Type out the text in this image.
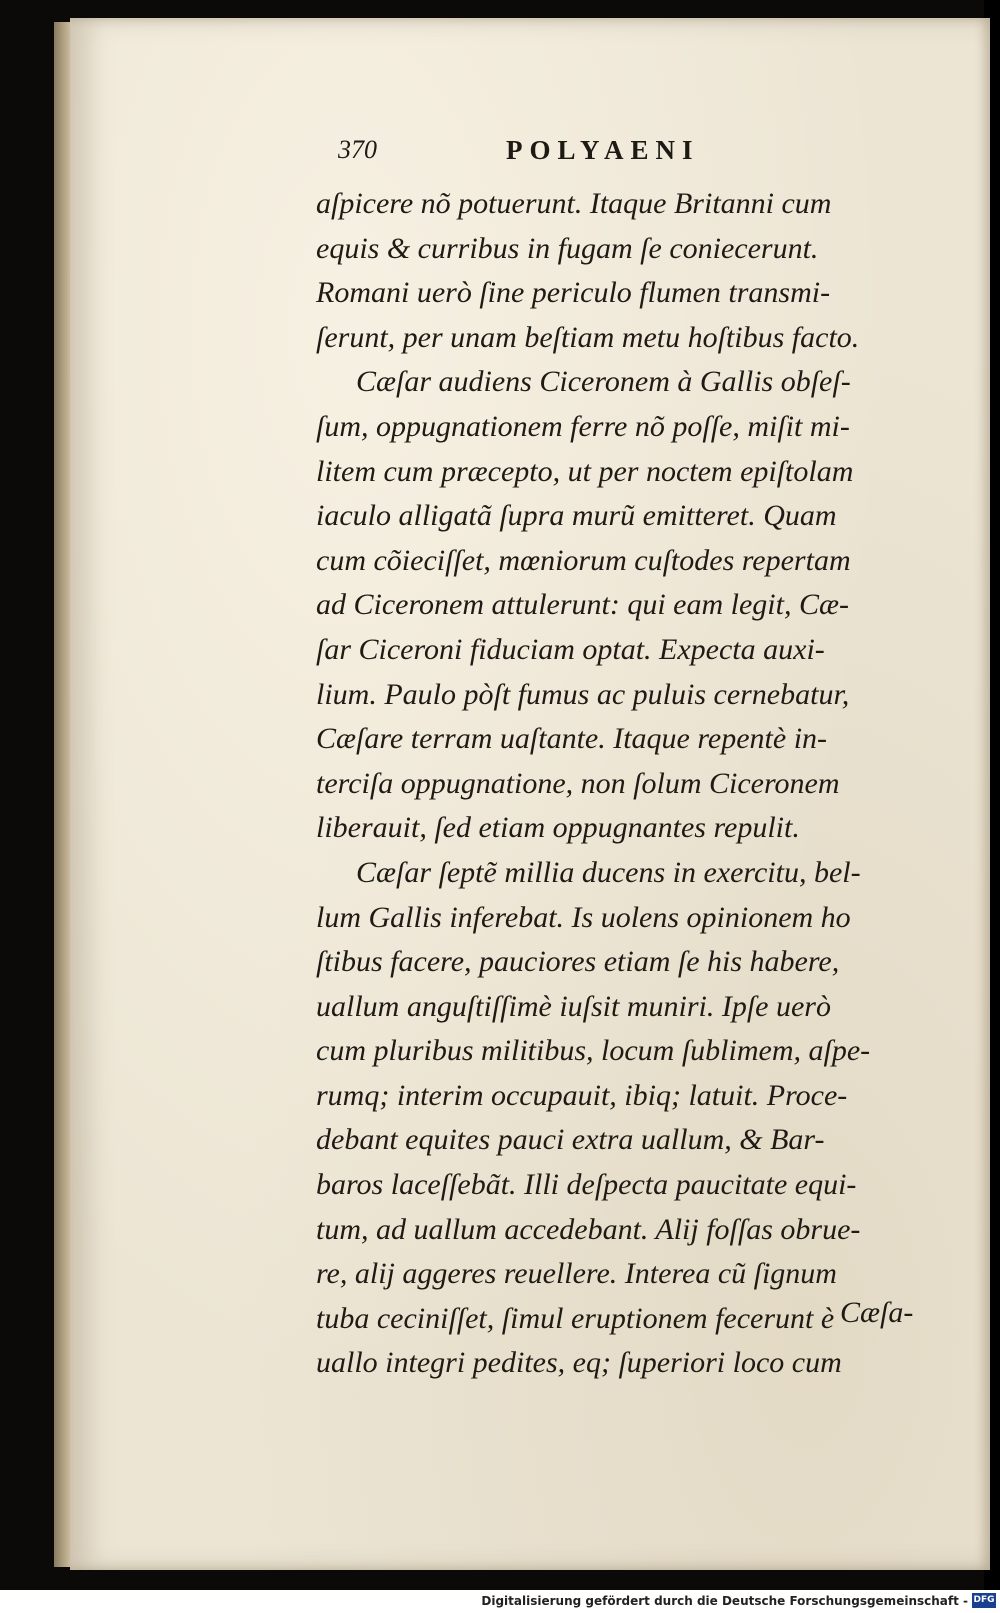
370	POLYAENI
aſpicere nõ potuerunt. Itaque Britanni cum
equis & curribus in fugam ſe coniecerunt.
Romani uerò ſine periculo flumen transmi-
ſerunt, per unam beſtiam metu hoſtibus facto.
Cæſar audiens Ciceronem à Gallis obſeſ-
ſum, oppugnationem ferre nõ poſſe, miſit mi-
litem cum præcepto, ut per noctem epiſtolam
iaculo alligatã ſupra murũ emitteret. Quam
cum cõieciſſet, mœniorum cuſtodes repertam
ad Ciceronem attulerunt: qui eam legit, Cæ-
ſar Ciceroni fiduciam optat. Expecta auxi-
lium. Paulo pòſt fumus ac puluis cernebatur,
Cæſare terram uaſtante. Itaque repentè in-
terciſa oppugnatione, non ſolum Ciceronem
liberauit, ſed etiam oppugnantes repulit.
Cæſar ſeptẽ millia ducens in exercitu, bel-
lum Gallis inferebat. Is uolens opinionem ho
ſtibus facere, pauciores etiam ſe his habere,
uallum anguſtiſſimè iuſsit muniri. Ipſe uerò
cum pluribus militibus, locum ſublimem, aſpe-
rumq; interim occupauit, ibiq; latuit. Proce-
debant equites pauci extra uallum, & Bar-
baros laceſſebãt. Illi deſpecta paucitate equi-
tum, ad uallum accedebant. Alij foſſas obrue-
re, alij aggeres reuellere. Interea cũ ſignum
tuba ceciniſſet, ſimul eruptionem fecerunt è
uallo integri pedites, eq; ſuperiori loco cum
Cæſa-
Digitalisierung gefördert durch die Deutsche Forschungsgemeinschaft - DFG
